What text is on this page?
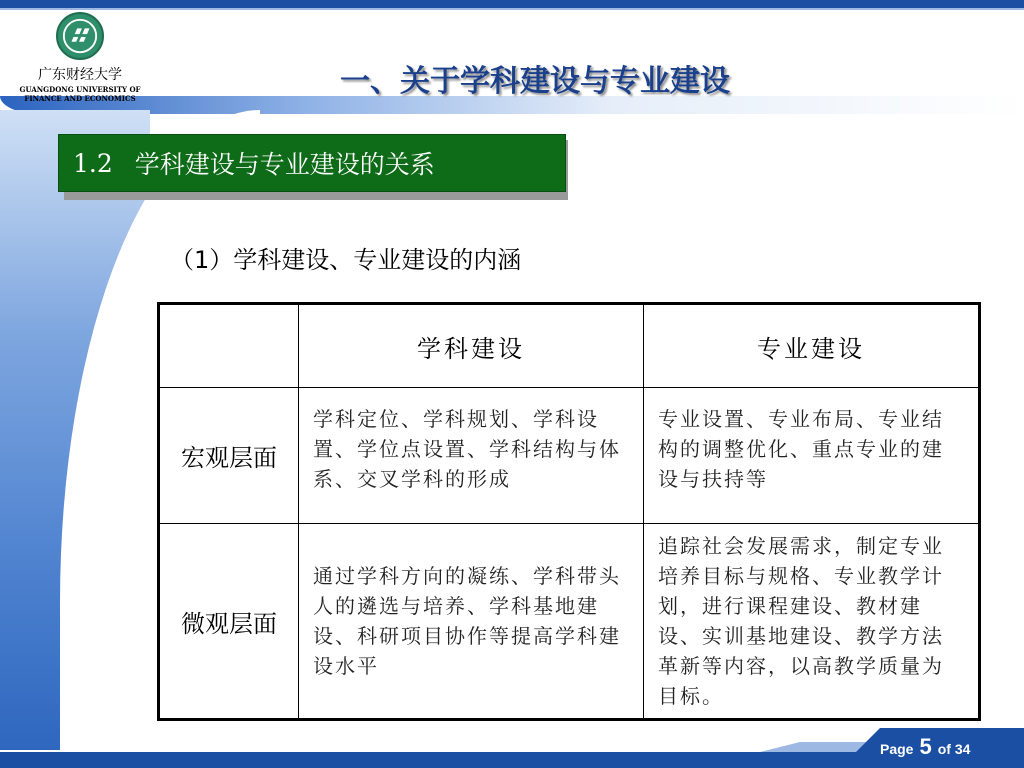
广东财经大学
GUANGDONG UNIVERSITY OF
FINANCE AND ECONOMICS	一、关于学科建设与专业建设
1.2 学科建设与专业建设的关系
（1）学科建设、专业建设的内涵
	学科建设	专业建设
宏观层面	学科定位、学科规划、学科设置、学位点设置、学科结构与体系、交叉学科的形成	专业设置、专业布局、专业结构的调整优化、重点专业的建设与扶持等
微观层面	通过学科方向的凝练、学科带头人的遴选与培养、学科基地建设、科研项目协作等提高学科建设水平	追踪社会发展需求，制定专业培养目标与规格、专业教学计划，进行课程建设、教材建设、实训基地建设、教学方法革新等内容，以高教学质量为目标。
Page 5 of 34
